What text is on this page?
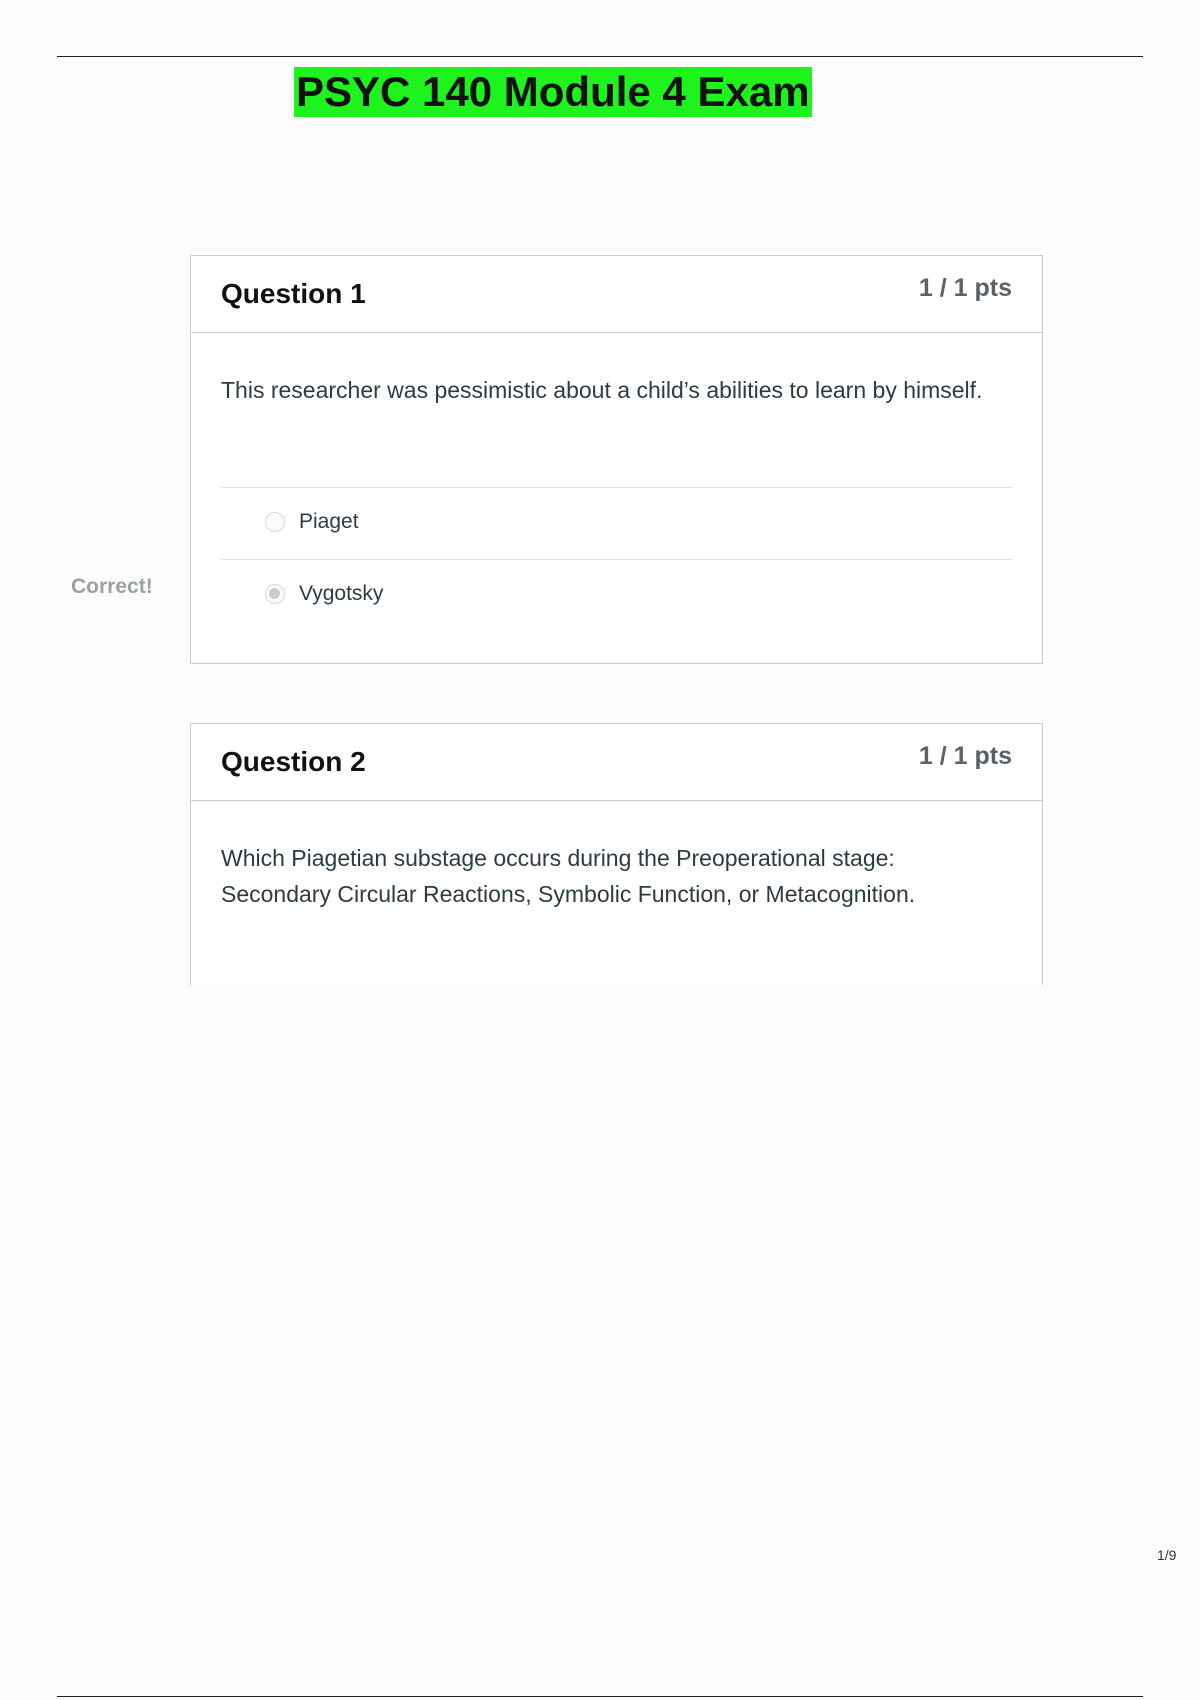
PSYC 140 Module 4 Exam
Correct!
Question 1	1 / 1 pts
This researcher was pessimistic about a child’s abilities to learn by himself.
Piaget
Vygotsky
Question 2	1 / 1 pts
Which Piagetian substage occurs during the Preoperational stage: Secondary Circular Reactions, Symbolic Function, or Metacognition.
1/9
